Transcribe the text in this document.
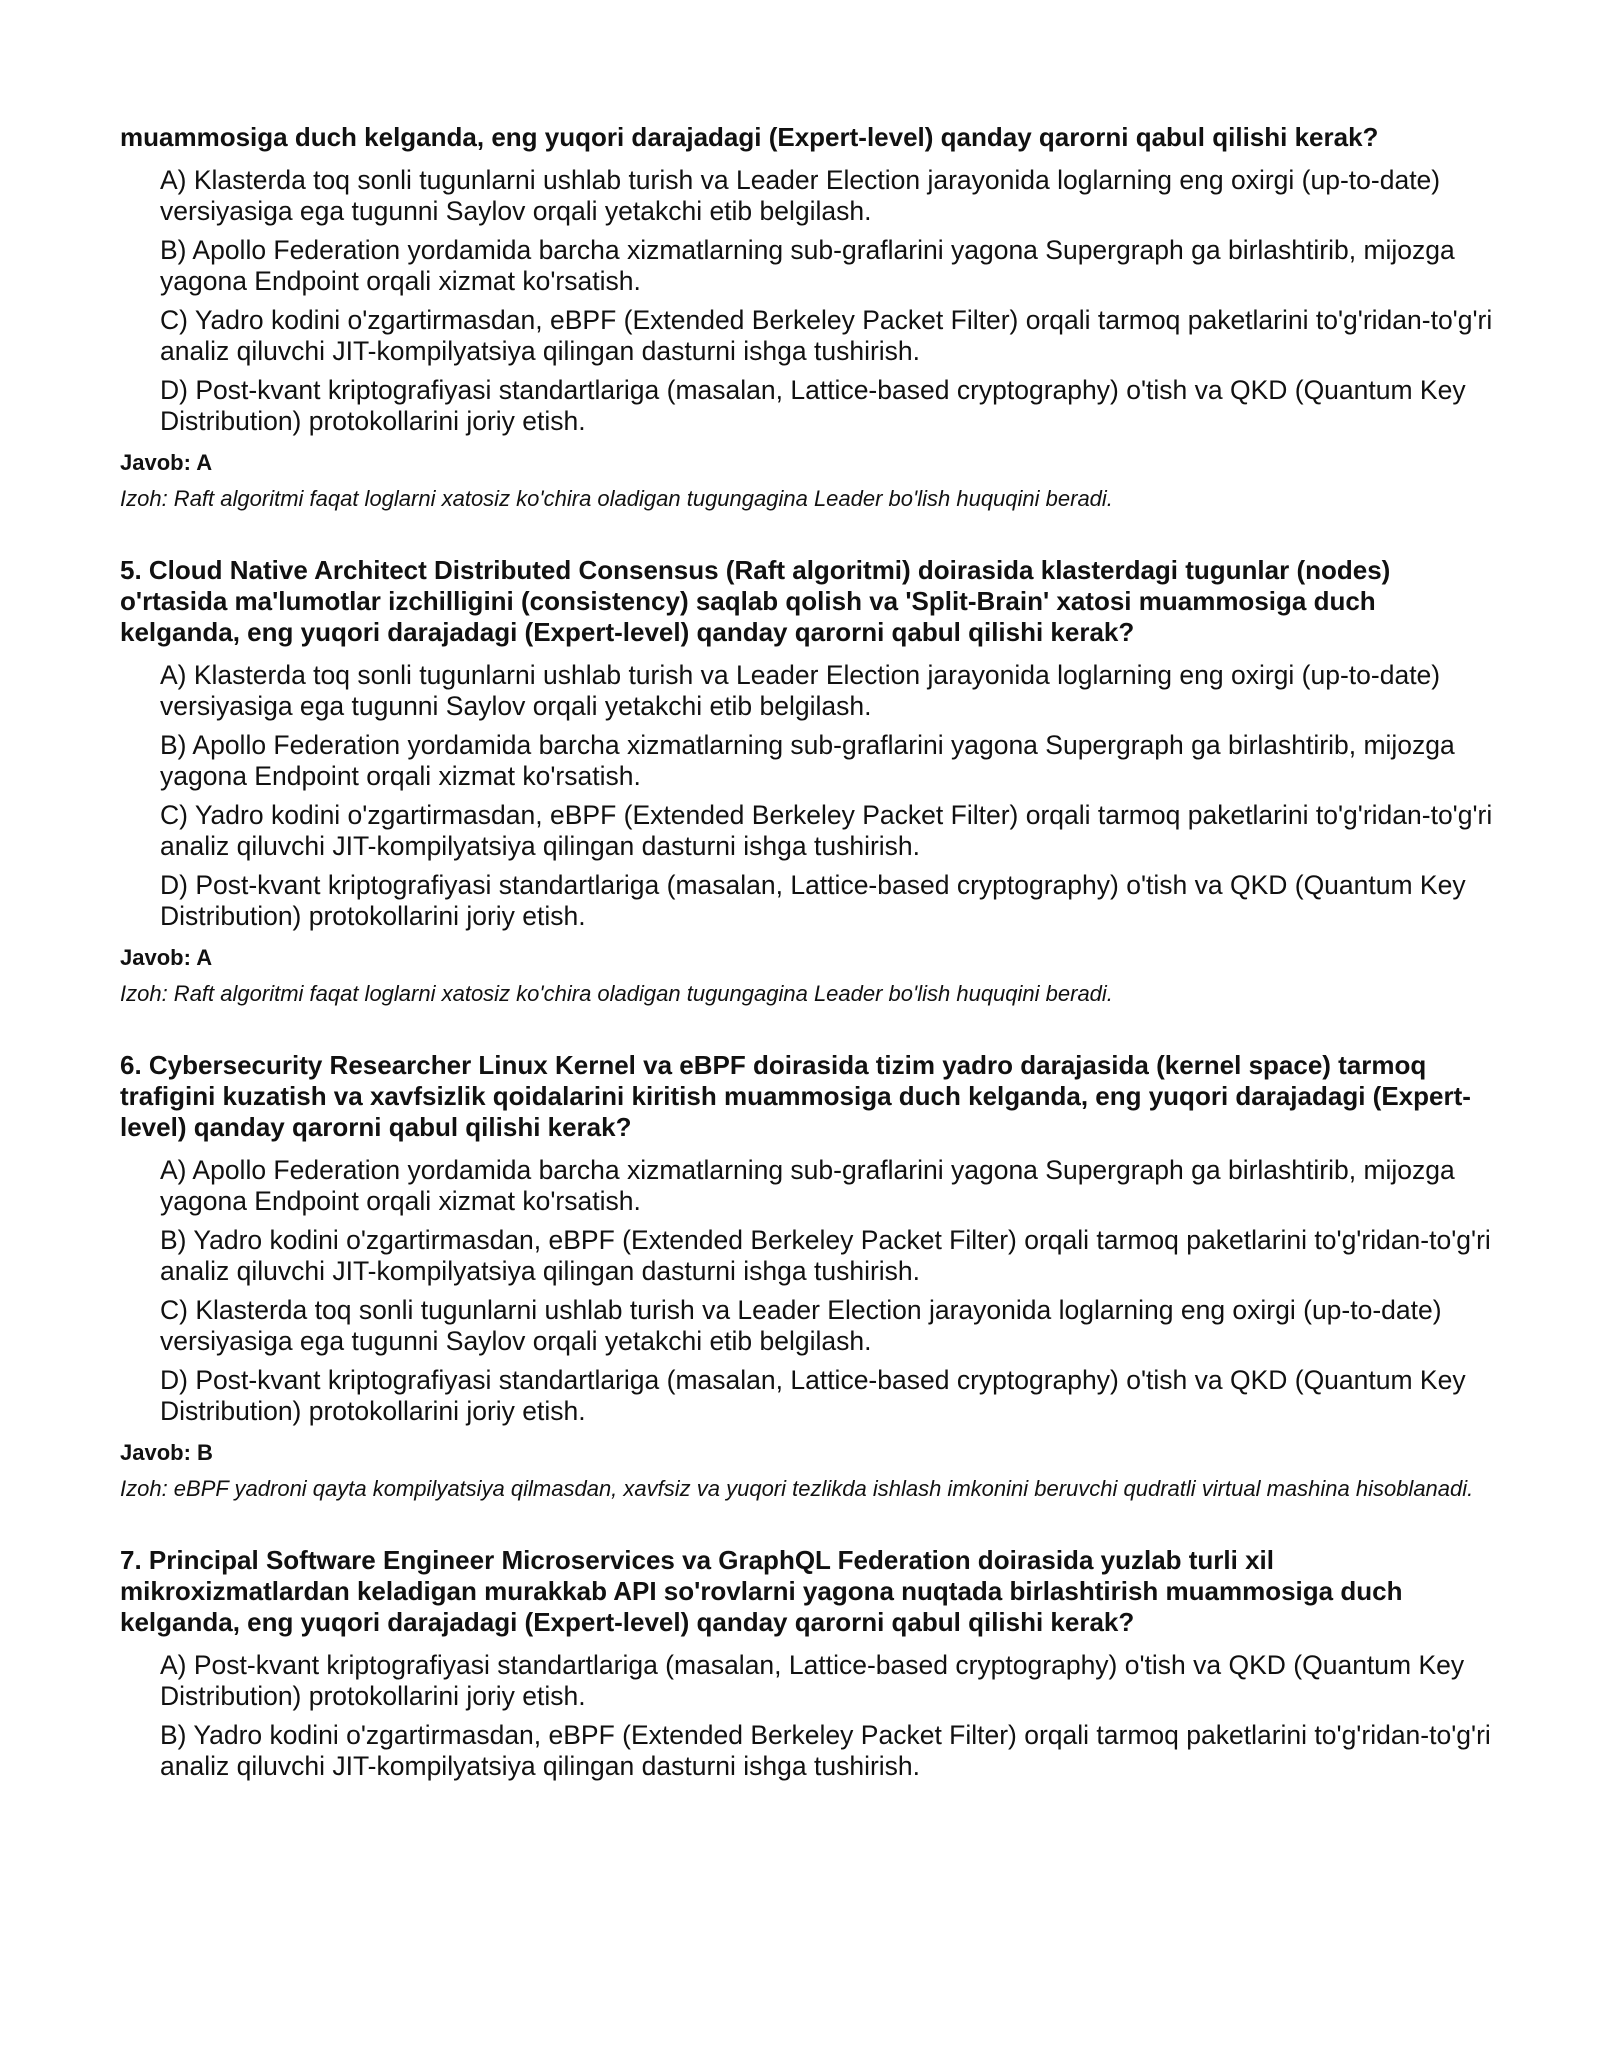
muammosiga duch kelganda, eng yuqori darajadagi (Expert-level) qanday qarorni qabul qilishi kerak?

A) Klasterda toq sonli tugunlarni ushlab turish va Leader Election jarayonida loglarning eng oxirgi (up-to-date) versiyasiga ega tugunni Saylov orqali yetakchi etib belgilash.

B) Apollo Federation yordamida barcha xizmatlarning sub-graflarini yagona Supergraph ga birlashtirib, mijozga yagona Endpoint orqali xizmat ko'rsatish.

C) Yadro kodini o'zgartirmasdan, eBPF (Extended Berkeley Packet Filter) orqali tarmoq paketlarini to'g'ridan-to'g'ri analiz qiluvchi JIT-kompilyatsiya qilingan dasturni ishga tushirish.

D) Post-kvant kriptografiyasi standartlariga (masalan, Lattice-based cryptography) o'tish va QKD (Quantum Key Distribution) protokollarini joriy etish.

Javob: A

Izoh: Raft algoritmi faqat loglarni xatosiz ko'chira oladigan tugungagina Leader bo'lish huquqini beradi.

5. Cloud Native Architect Distributed Consensus (Raft algoritmi) doirasida klasterdagi tugunlar (nodes) o'rtasida ma'lumotlar izchilligini (consistency) saqlab qolish va 'Split-Brain' xatosi muammosiga duch kelganda, eng yuqori darajadagi (Expert-level) qanday qarorni qabul qilishi kerak?

A) Klasterda toq sonli tugunlarni ushlab turish va Leader Election jarayonida loglarning eng oxirgi (up-to-date) versiyasiga ega tugunni Saylov orqali yetakchi etib belgilash.

B) Apollo Federation yordamida barcha xizmatlarning sub-graflarini yagona Supergraph ga birlashtirib, mijozga yagona Endpoint orqali xizmat ko'rsatish.

C) Yadro kodini o'zgartirmasdan, eBPF (Extended Berkeley Packet Filter) orqali tarmoq paketlarini to'g'ridan-to'g'ri analiz qiluvchi JIT-kompilyatsiya qilingan dasturni ishga tushirish.

D) Post-kvant kriptografiyasi standartlariga (masalan, Lattice-based cryptography) o'tish va QKD (Quantum Key Distribution) protokollarini joriy etish.

Javob: A

Izoh: Raft algoritmi faqat loglarni xatosiz ko'chira oladigan tugungagina Leader bo'lish huquqini beradi.

6. Cybersecurity Researcher Linux Kernel va eBPF doirasida tizim yadro darajasida (kernel space) tarmoq trafigini kuzatish va xavfsizlik qoidalarini kiritish muammosiga duch kelganda, eng yuqori darajadagi (Expert-level) qanday qarorni qabul qilishi kerak?

A) Apollo Federation yordamida barcha xizmatlarning sub-graflarini yagona Supergraph ga birlashtirib, mijozga yagona Endpoint orqali xizmat ko'rsatish.

B) Yadro kodini o'zgartirmasdan, eBPF (Extended Berkeley Packet Filter) orqali tarmoq paketlarini to'g'ridan-to'g'ri analiz qiluvchi JIT-kompilyatsiya qilingan dasturni ishga tushirish.

C) Klasterda toq sonli tugunlarni ushlab turish va Leader Election jarayonida loglarning eng oxirgi (up-to-date) versiyasiga ega tugunni Saylov orqali yetakchi etib belgilash.

D) Post-kvant kriptografiyasi standartlariga (masalan, Lattice-based cryptography) o'tish va QKD (Quantum Key Distribution) protokollarini joriy etish.

Javob: B

Izoh: eBPF yadroni qayta kompilyatsiya qilmasdan, xavfsiz va yuqori tezlikda ishlash imkonini beruvchi qudratli virtual mashina hisoblanadi.

7. Principal Software Engineer Microservices va GraphQL Federation doirasida yuzlab turli xil mikroxizmatlardan keladigan murakkab API so'rovlarni yagona nuqtada birlashtirish muammosiga duch kelganda, eng yuqori darajadagi (Expert-level) qanday qarorni qabul qilishi kerak?

A) Post-kvant kriptografiyasi standartlariga (masalan, Lattice-based cryptography) o'tish va QKD (Quantum Key Distribution) protokollarini joriy etish.

B) Yadro kodini o'zgartirmasdan, eBPF (Extended Berkeley Packet Filter) orqali tarmoq paketlarini to'g'ridan-to'g'ri analiz qiluvchi JIT-kompilyatsiya qilingan dasturni ishga tushirish.
